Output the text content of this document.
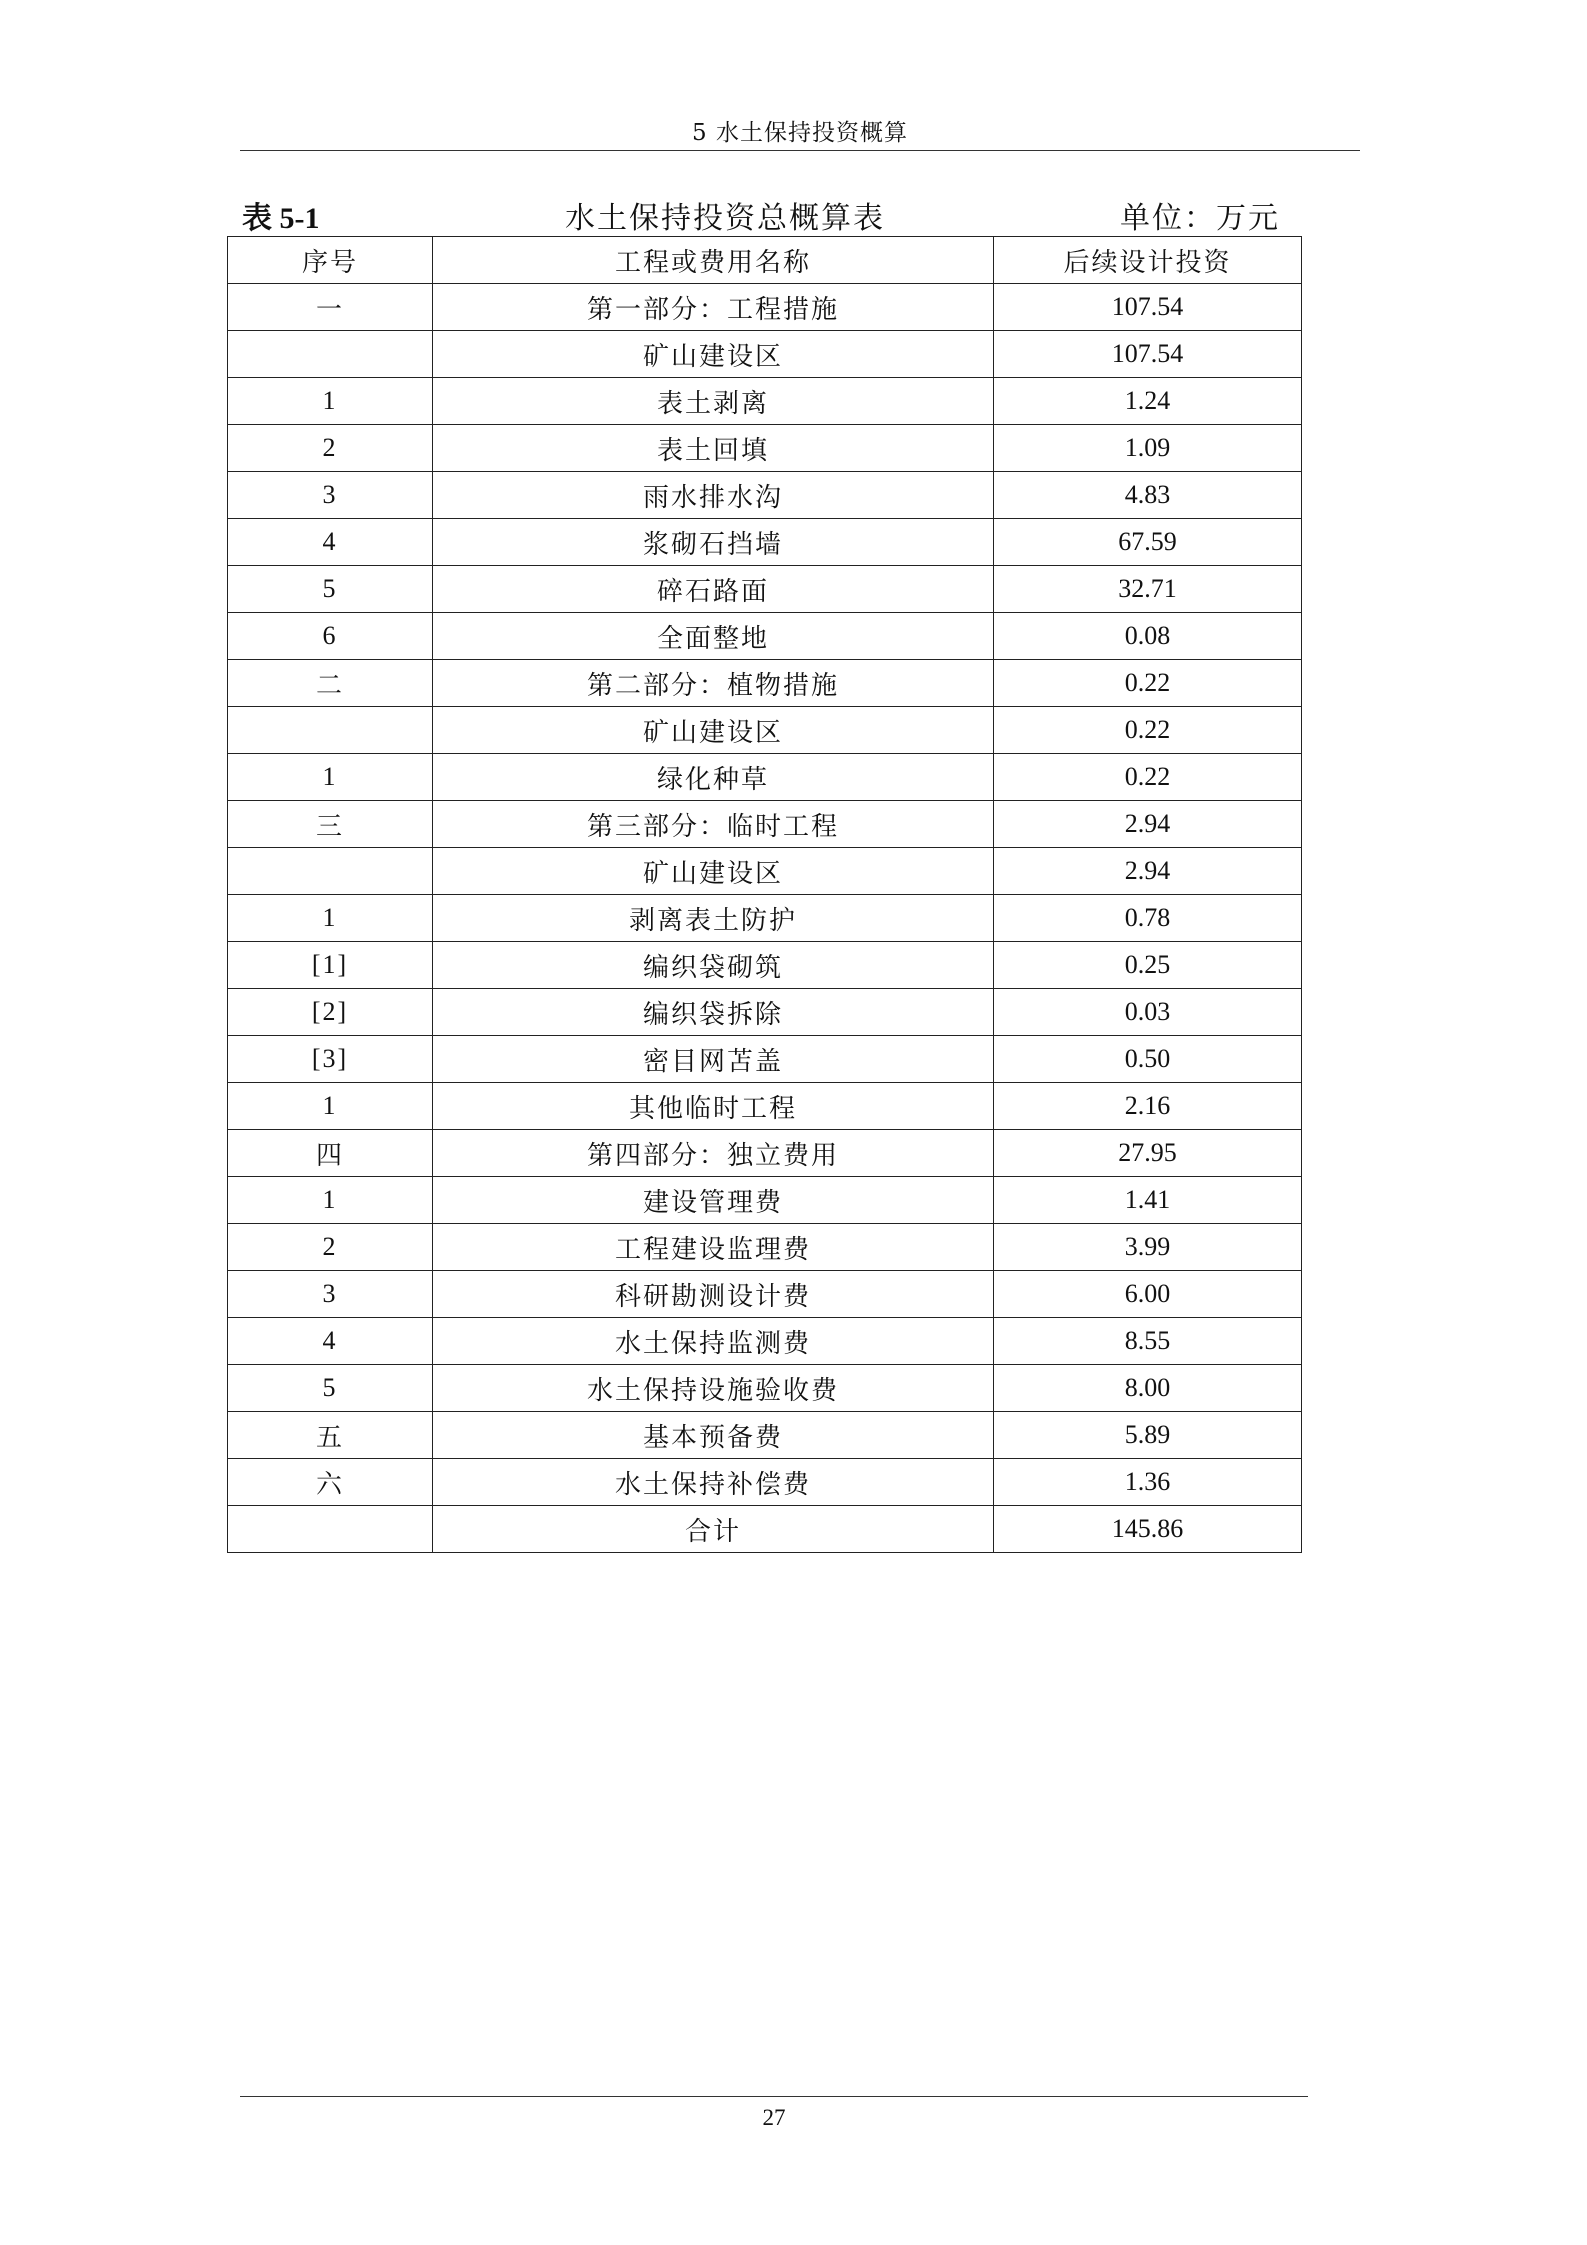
5 水土保持投资概算
表 5-1	水土保持投资总概算表	单位：万元
序号	工程或费用名称	后续设计投资
一	第一部分：工程措施	107.54
	矿山建设区	107.54
1	表土剥离	1.24
2	表土回填	1.09
3	雨水排水沟	4.83
4	浆砌石挡墙	67.59
5	碎石路面	32.71
6	全面整地	0.08
二	第二部分：植物措施	0.22
	矿山建设区	0.22
1	绿化种草	0.22
三	第三部分：临时工程	2.94
	矿山建设区	2.94
1	剥离表土防护	0.78
[1]	编织袋砌筑	0.25
[2]	编织袋拆除	0.03
[3]	密目网苫盖	0.50
1	其他临时工程	2.16
四	第四部分：独立费用	27.95
1	建设管理费	1.41
2	工程建设监理费	3.99
3	科研勘测设计费	6.00
4	水土保持监测费	8.55
5	水土保持设施验收费	8.00
五	基本预备费	5.89
六	水土保持补偿费	1.36
	合计	145.86
27
